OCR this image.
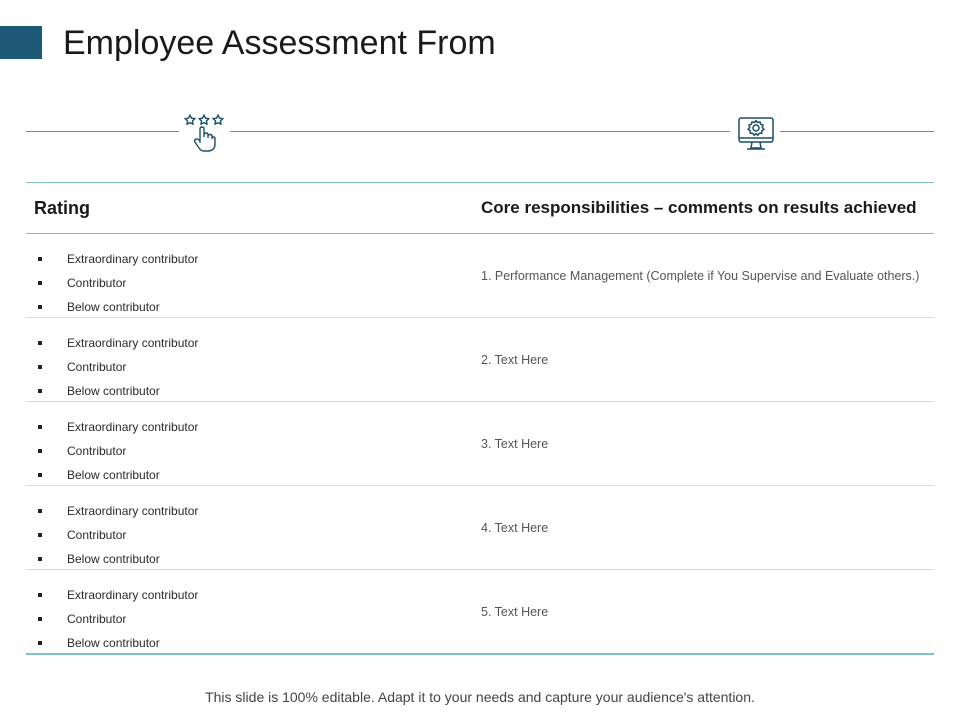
Employee Assessment From
Rating	Core responsibilities – comments on results achieved
Extraordinary contributor
Contributor
Below contributor
1. Performance Management (Complete if You Supervise and Evaluate others.)
Extraordinary contributor
Contributor
Below contributor
2. Text Here
Extraordinary contributor
Contributor
Below contributor
3. Text Here
Extraordinary contributor
Contributor
Below contributor
4. Text Here
Extraordinary contributor
Contributor
Below contributor
5. Text Here
This slide is 100% editable. Adapt it to your needs and capture your audience's attention.
